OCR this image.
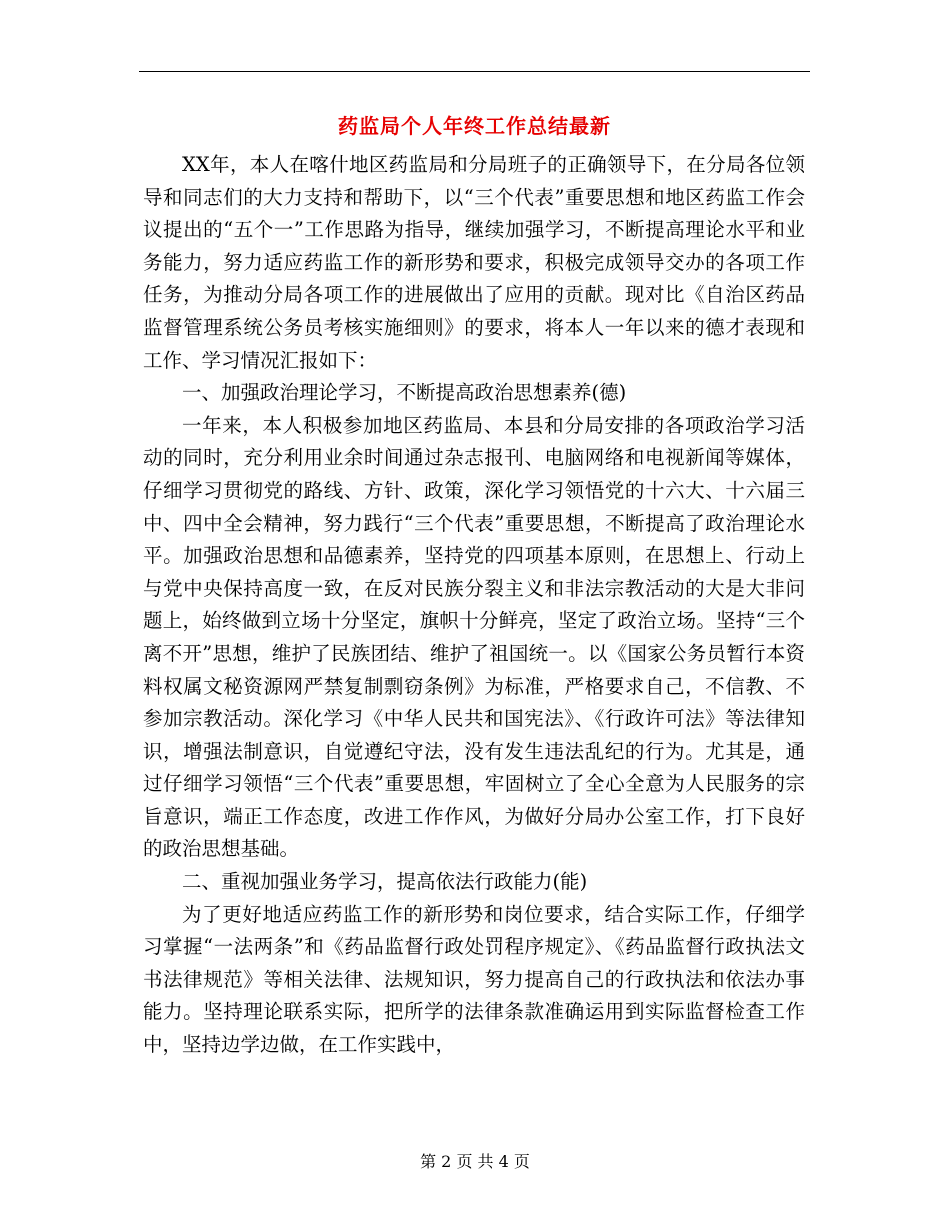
药监局个人年终工作总结最新

XX年，本人在喀什地区药监局和分局班子的正确领导下，在分局各位领导和同志们的大力支持和帮助下，以“三个代表”重要思想和地区药监工作会议提出的“五个一”工作思路为指导，继续加强学习，不断提高理论水平和业务能力，努力适应药监工作的新形势和要求，积极完成领导交办的各项工作任务，为推动分局各项工作的进展做出了应用的贡献。现对比《自治区药品监督管理系统公务员考核实施细则》的要求，将本人一年以来的德才表现和工作、学习情况汇报如下：

一、加强政治理论学习，不断提高政治思想素养(德)

一年来，本人积极参加地区药监局、本县和分局安排的各项政治学习活动的同时，充分利用业余时间通过杂志报刊、电脑网络和电视新闻等媒体，仔细学习贯彻党的路线、方针、政策，深化学习领悟党的十六大、十六届三中、四中全会精神，努力践行“三个代表”重要思想，不断提高了政治理论水平。加强政治思想和品德素养，坚持党的四项基本原则，在思想上、行动上与党中央保持高度一致，在反对民族分裂主义和非法宗教活动的大是大非问题上，始终做到立场十分坚定，旗帜十分鲜亮，坚定了政治立场。坚持“三个离不开”思想，维护了民族团结、维护了祖国统一。以《国家公务员暂行本资料权属文秘资源网严禁复制剽窃条例》为标准，严格要求自己，不信教、不参加宗教活动。深化学习《中华人民共和国宪法》、《行政许可法》等法律知识，增强法制意识，自觉遵纪守法，没有发生违法乱纪的行为。尤其是，通过仔细学习领悟“三个代表”重要思想，牢固树立了全心全意为人民服务的宗旨意识，端正工作态度，改进工作作风，为做好分局办公室工作，打下良好的政治思想基础。

二、重视加强业务学习，提高依法行政能力(能)

为了更好地适应药监工作的新形势和岗位要求，结合实际工作，仔细学习掌握“一法两条”和《药品监督行政处罚程序规定》、《药品监督行政执法文书法律规范》等相关法律、法规知识，努力提高自己的行政执法和依法办事能力。坚持理论联系实际，把所学的法律条款准确运用到实际监督检查工作中，坚持边学边做，在工作实践中，

第 2 页 共 4 页
